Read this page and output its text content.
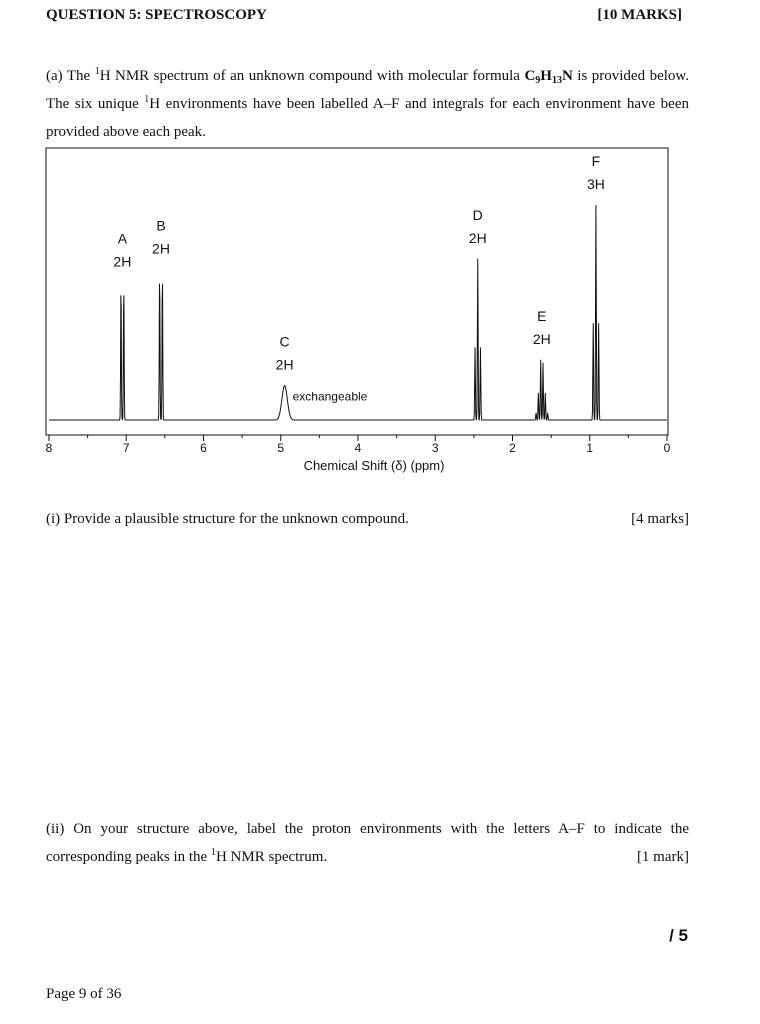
QUESTION 5: SPECTROSCOPY	[10 MARKS]
(a) The $^1$H NMR spectrum of an unknown compound with molecular formula $C_9H_{13}N$ is provided below. The six unique $^1$H environments have been labelled A–F and integrals for each environment have been provided above each peak.
8	7	6	5	4	3	2	1	0
A
2H
B
2H
C
2H
exchangeable
D
2H
E
2H
F
3H
Chemical Shift (δ) (ppm)
(i) Provide a plausible structure for the unknown compound.	[4 marks]
(ii) On your structure above, label the proton environments with the letters A–F to indicate the corresponding peaks in the $^1$H NMR spectrum.	[1 mark]
/ 5
Page 9 of 36
